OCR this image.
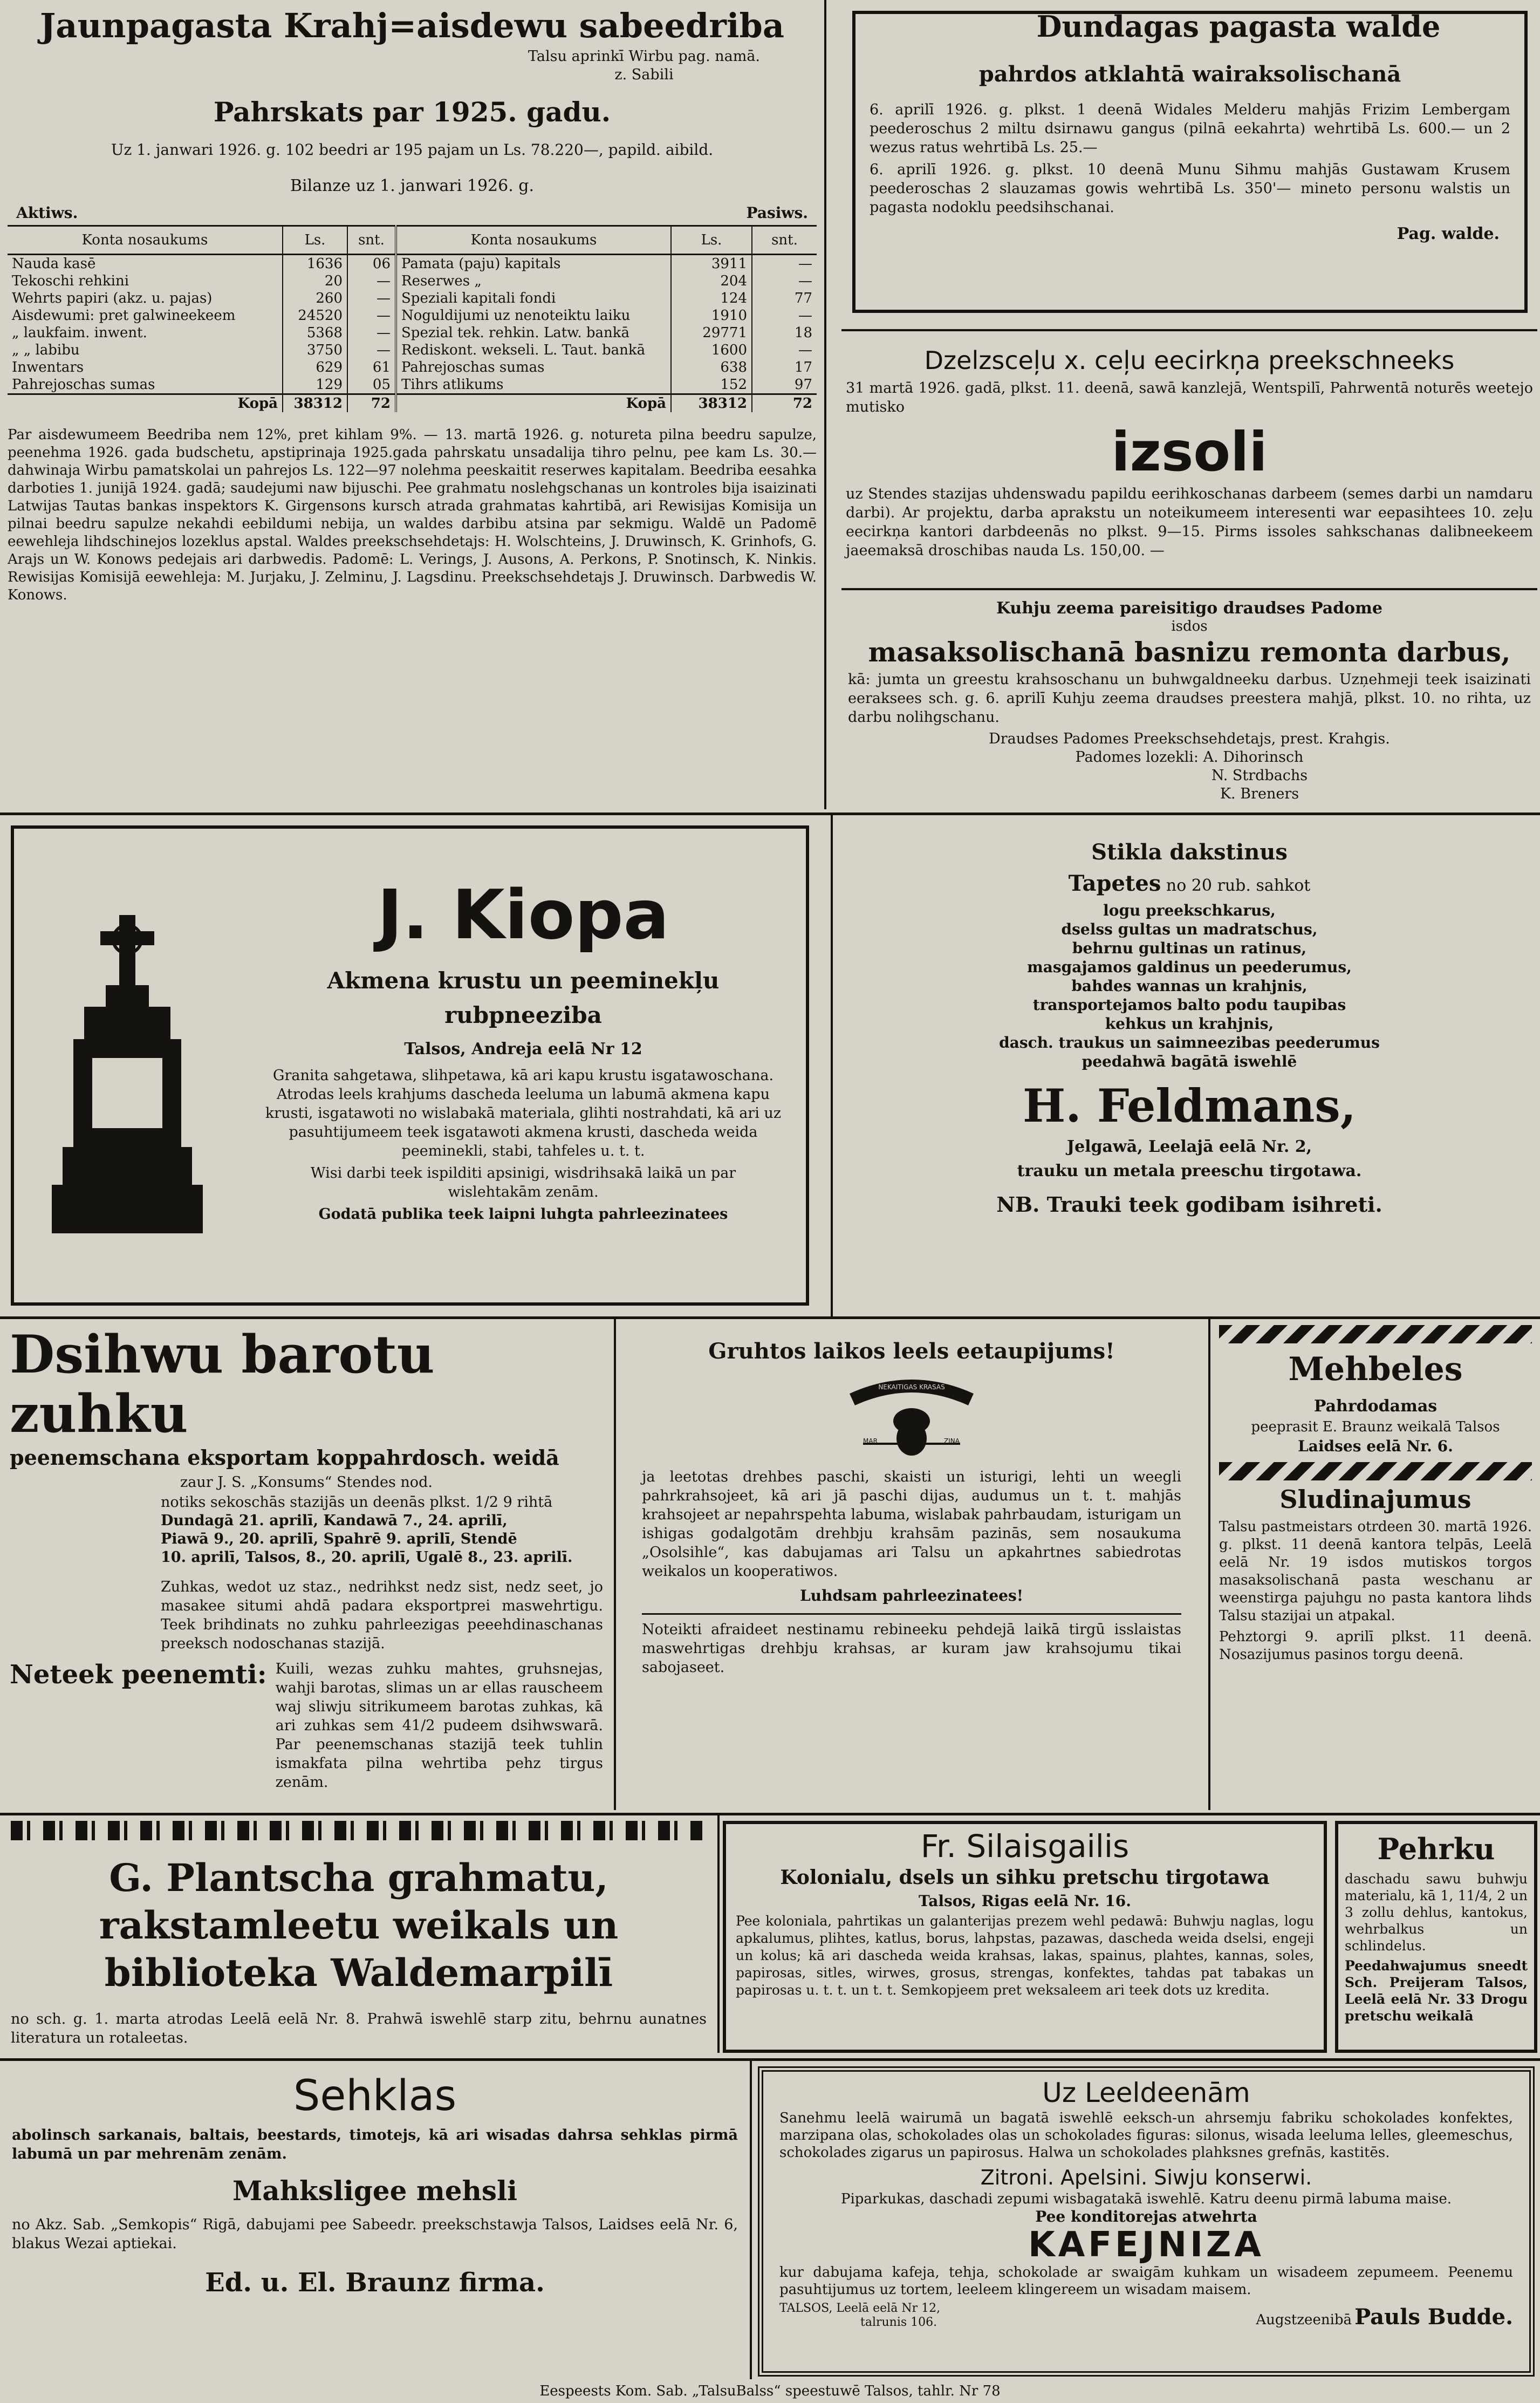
Jaunpagasta Krahj=aisdewu sabeedriba
Talsu aprinkī Wirbu pag. namā.
z. Sabili
Pahrskats par 1925. gadu.
Uz 1. janwari 1926. g. 102 beedri ar 195 pajam un Ls. 78.220—, papild. aibild.
Bilanze uz 1. janwari 1926. g.
Aktiws.	Pasiws.
Konta nosaukums	Ls.	snt.	Konta nosaukums	Ls.	snt.
Nauda kasē	1636	06	Pamata (paju) kapitals	3911	—
Tekoschi rehkini	20	—	Reserwes „	204	—
Wehrts papiri (akz. u. pajas)	260	—	Speziali kapitali fondi	124	77
Aisdewumi: pret galwineekeem	24520	—	Noguldijumi uz nenoteiktu laiku	1910	—
„ laukfaim. inwent.	5368	—	Spezial tek. rehkin. Latw. bankā	29771	18
„ „ labibu	3750	—	Rediskont. wekseli. L. Taut. bankā	1600	—
Inwentars	629	61	Pahrejoschas sumas	638	17
Pahrejoschas sumas	129	05	Tihrs atlikums	152	97
Kopā	38312	72	Kopā	38312	72

Par aisdewumeem Beedriba nem 12%, pret kihlam 9%. — 13. martā 1926. g. notureta pilna beedru sapulze, peenehma 1926. gada budschetu, apstiprinaja 1925.gada pahrskatu unsadalija tihro pelnu, pee kam Ls. 30.— dahwinaja Wirbu pamatskolai un pahrejos Ls. 122—97 nolehma peeskaitit reserwes kapitalam. Beedriba eesahka darboties 1. junijā 1924. gadā; saudejumi naw bijuschi. Pee grahmatu noslehgschanas un kontroles bija isaizinati Latwijas Tautas bankas inspektors K. Girgensons kursch atrada grahmatas kahrtibā, ari Rewisijas Komisija un pilnai beedru sapulze nekahdi eebildumi nebija, un waldes darbibu atsina par sekmigu. Waldē un Padomē eewehleja lihdschinejos lozeklus apstal. Waldes preekschsehdetajs: H. Wolschteins, J. Druwinsch, K. Grinhofs, G. Arajs un W. Konows pedejais ari darbwedis. Padomē: L. Verings, J. Ausons, A. Perkons, P. Snotinsch, K. Ninkis. Rewisijas Komisijā eewehleja: M. Jurjaku, J. Zelminu, J. Lagsdinu. Preekschsehdetajs J. Druwinsch. Darbwedis W. Konows.

Dundagas pagasta walde
pahrdos atklahtā wairaksolischanā

6. aprilī 1926. g. plkst. 1 deenā Widales Melderu mahjās Frizim Lembergam peederoschus 2 miltu dsirnawu gangus (pilnā eekahrta) wehrtibā Ls. 600.— un 2 wezus ratus wehrtibā Ls. 25.—

6. aprilī 1926. g. plkst. 10 deenā Munu Sihmu mahjās Gustawam Krusem peederoschas 2 slauzamas gowis wehrtibā Ls. 350'— mineto personu walstis un pagasta nodoklu peedsihschanai.

Pag. walde.
Dzelzsceļu x. ceļu eecirkņa preekschneeks

31 martā 1926. gadā, plkst. 11. deenā, sawā kanzlejā, Wentspilī, Pahrwentā noturēs weetejo mutisko

izsoli

uz Stendes stazijas uhdenswadu papildu eerihkoschanas darbeem (semes darbi un namdaru darbi). Ar projektu, darba aprakstu un noteikumeem interesenti war eepasihtees 10. zeļu eecirkņa kantori darbdeenās no plkst. 9—15. Pirms issoles sahkschanas dalibneekeem jaeemaksā droschibas nauda Ls. 150,00. —

Kuhju zeema pareisitigo draudses Padome
isdos
masaksolischanā basnizu remonta darbus,

kā: jumta un greestu krahsoschanu un buhwgaldneeku darbus. Uzņehmeji teek isaizinati eeraksees sch. g. 6. aprilī Kuhju zeema draudses preestera mahjā, plkst. 10. no rihta, uz darbu nolihgschanu.

Draudses Padomes Preekschsehdetajs, prest. Krahgis.
Padomes lozekli: A. Dihorinsch
N. Strdbachs
K. Breners
J. Kiopa
Akmena krustu un peeminekļu rubpneeziba
Talsos, Andreja eelā Nr 12

Granita sahgetawa, slihpetawa, kā ari kapu krustu isgatawoschana. Atrodas leels krahjums dascheda leeluma un labumā akmena kapu krusti, isgatawoti no wislabakā materiala, glihti nostrahdati, kā ari uz pasuhtijumeem teek isgatawoti akmena krusti, dascheda weida peeminekli, stabi, tahfeles u. t. t.

Wisi darbi teek ispilditi apsinigi, wisdrihsakā laikā un par wislehtakām zenām.

Godatā publika teek laipni luhgta pahrleezinatees

Stikla dakstinus
Tapetes no 20 rub. sahkot
logu preekschkarus,
dselss gultas un madratschus,
behrnu gultinas un ratinus,
masgajamos galdinus un peederumus,
bahdes wannas un krahjnis,
transportejamos balto podu taupibas
kehkus un krahjnis,
dasch. traukus un saimneezibas peederumus
peedahwā bagātā iswehlē
H. Feldmans,
Jelgawā, Leelajā eelā Nr. 2,
trauku un metala preeschu tirgotawa.
NB. Trauki teek godibam isihreti.
Dsihwu barotu zuhku
peenemschana eksportam koppahrdosch. weidā
zaur J. S. „Konsums“ Stendes nod.
notiks sekoschās stazijās un deenās plkst. 1/2 9 rihtā
Dundagā 21. aprilī, Kandawā 7., 24. aprilī,
Piawā 9., 20. aprilī, Spahrē 9. aprilī, Stendē
10. aprilī, Talsos, 8., 20. aprilī, Ugalē 8., 23. aprilī.

Zuhkas, wedot uz staz., nedrihkst nedz sist, nedz seet, jo masakee situmi ahdā padara eksportprei maswehrtigu. Teek brihdinats no zuhku pahrleezigas peeehdinaschanas preeksch nodoschanas stazijā.

Neteek peenemti: Kuili, wezas zuhku mahtes, gruhsnejas, wahji barotas, slimas un ar ellas rauscheem waj sliwju sitrikumeem barotas zuhkas, kā ari zuhkas sem 41/2 pudeem dsihwswarā. Par peenemschanas stazijā teek tuhlin ismakfata pilna wehrtiba pehz tirgus zenām.

Gruhtos laikos leels eetaupijums!
NEKAITIGAS KRASAS
MAR	ZINA

ja leetotas drehbes paschi, skaisti un isturigi, lehti un weegli pahrkrahsojeet, kā ari jā paschi dijas, audumus un t. t. mahjās krahsojeet ar nepahrspehta labuma, wislabak pahrbaudam, isturigam un ishigas godalgotām drehbju krahsām pazinās, sem nosaukuma „Osolsihle“, kas dabujamas ari Talsu un apkahrtnes sabiedrotas weikalos un kooperatiwos.

Luhdsam pahrleezinatees!

Noteikti afraideet nestinamu rebineeku pehdejā laikā tirgū isslaistas maswehrtigas drehbju krahsas, ar kuram jaw krahsojumu tikai sabojaseet.

Mehbeles
Pahrdodamas
peeprasit E. Braunz weikalā Talsos
Laidses eelā Nr. 6.
Sludinajumus

Talsu pastmeistars otrdeen 30. martā 1926. g. plkst. 11 deenā kantora telpās, Leelā eelā Nr. 19 isdos mutiskos torgos masaksolischanā pasta weschanu ar weenstirga pajuhgu no pasta kantora lihds Talsu stazijai un atpakal.

Pehztorgi 9. aprilī plkst. 11 deenā. Nosazijumus pasinos torgu deenā.

G. Plantscha grahmatu, rakstamleetu weikals un biblioteka Waldemarpilī

no sch. g. 1. marta atrodas Leelā eelā Nr. 8. Prahwā iswehlē starp zitu, behrnu aunatnes literatura un rotaleetas.

Fr. Silaisgailis
Kolonialu, dsels un sihku pretschu tirgotawa
Talsos, Rigas eelā Nr. 16.

Pee koloniala, pahrtikas un galanterijas prezem wehl pedawā: Buhwju naglas, logu apkalumus, plihtes, katlus, borus, lahpstas, pazawas, dascheda weida dselsi, engeji un kolus; kā ari dascheda weida krahsas, lakas, spainus, plahtes, kannas, soles, papirosas, sitles, wirwes, grosus, strengas, konfektes, tahdas pat tabakas un papirosas u. t. t. un t. t. Semkopjeem pret weksaleem ari teek dots uz kredita.

Pehrku

daschadu sawu buhwju materialu, kā 1, 11/4, 2 un 3 zollu dehlus, kantokus, wehrbalkus un schlindelus.

Peedahwajumus sneedt Sch. Preijeram Talsos, Leelā eelā Nr. 33 Drogu pretschu weikalā

Sehklas

abolinsch sarkanais, baltais, beestards, timotejs, kā ari wisadas dahrsa sehklas pirmā labumā un par mehrenām zenām.

Mahksligee mehsli

no Akz. Sab. „Semkopis“ Rigā, dabujami pee Sabeedr. preekschstawja Talsos, Laidses eelā Nr. 6, blakus Wezai aptiekai.

Ed. u. El. Braunz firma.
Uz Leeldeenām

Sanehmu leelā wairumā un bagatā iswehlē eeksch-un ahrsemju fabriku schokolades konfektes, marzipana olas, schokolades olas un schokolades figuras: silonus, wisada leeluma lelles, gleemeschus, schokolades zigarus un papirosus. Halwa un schokolades plahksnes grefnās, kastitēs.

Zitroni. Apelsini. Siwju konserwi.
Piparkukas, daschadi zepumi wisbagatakā iswehlē. Katru deenu pirmā labuma maise.
Pee konditorejas atwehrta
KAFEJNIZA

kur dabujama kafeja, tehja, schokolade ar swaigām kuhkam un wisadeem zepumeem. Peenemu pasuhtijumus uz tortem, leeleem klingereem un wisadam maisem.

TALSOS, Leelā eelā Nr 12,
talrunis 106.	Augstzeenibā Pauls Budde.
Eespeests Kom. Sab. „TalsuBalss“ speestuwē Talsos, tahlr. Nr 78
